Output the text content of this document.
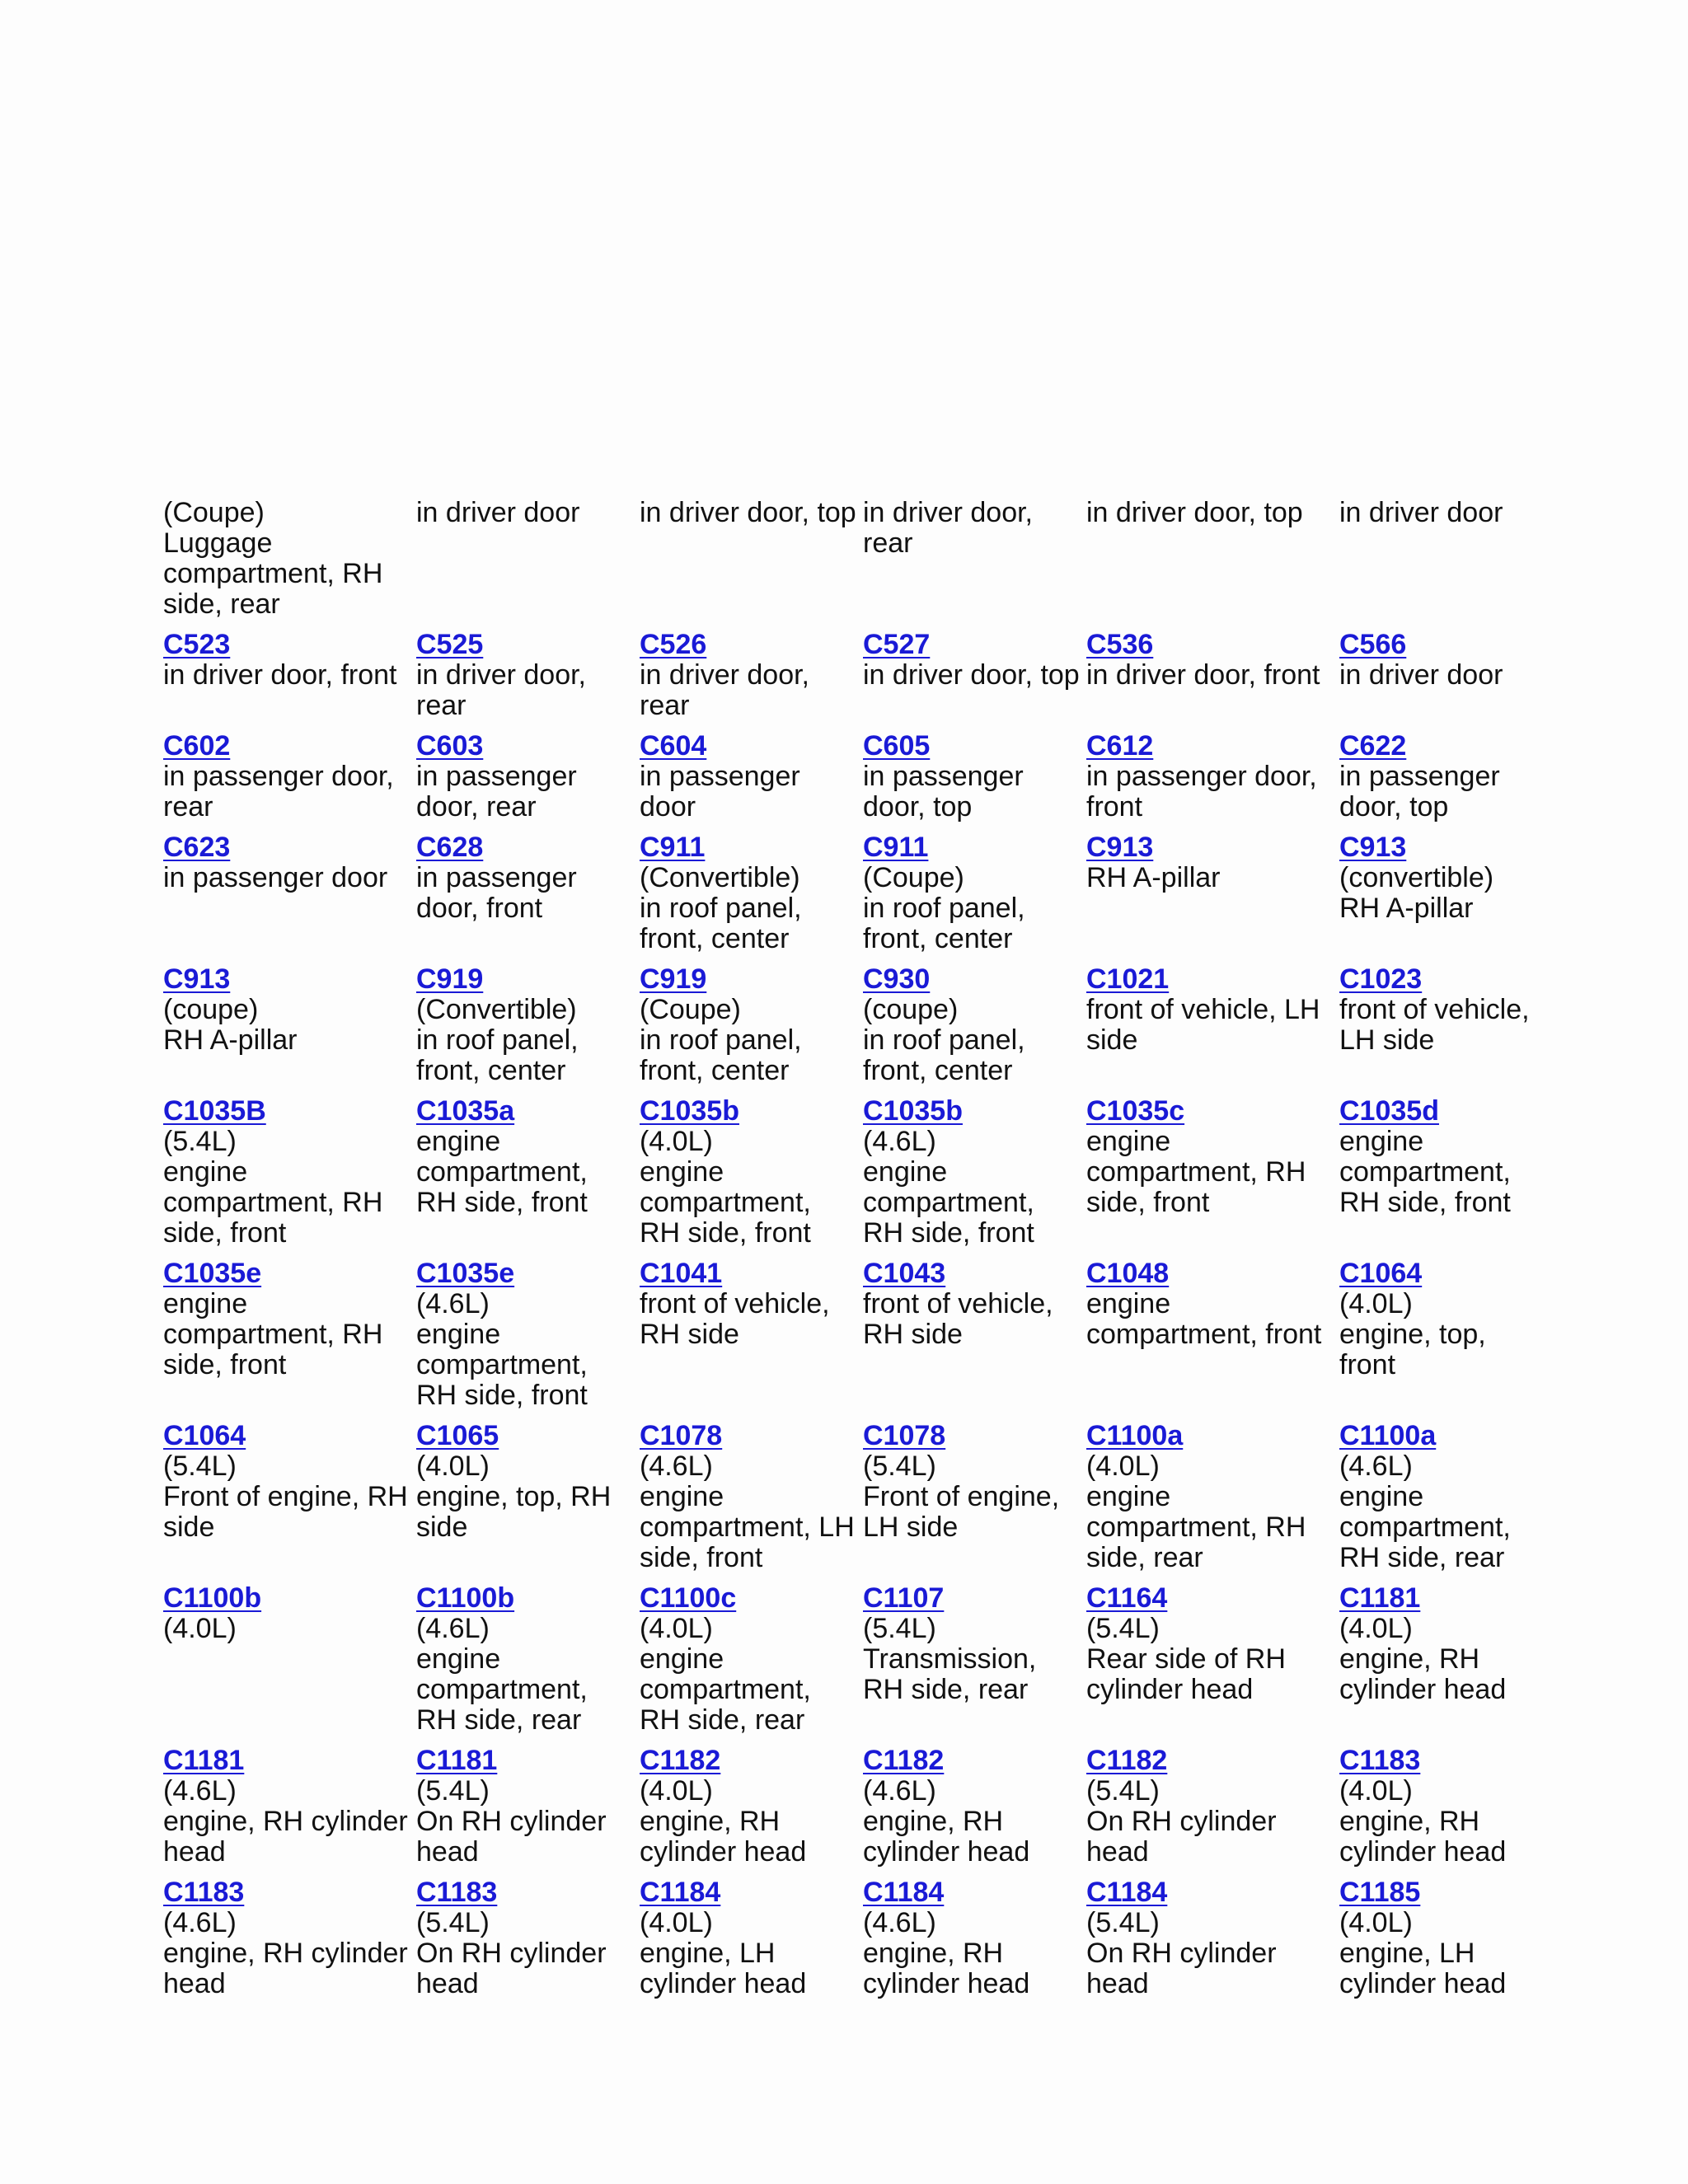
(Coupe)
Luggage
compartment, RH
side, rear
in driver door	in driver door, top in driver door,
rear
in driver door, top	in driver door
C523
in driver door, front
C525
in driver door,
rear
C526
in driver door,
rear
C527
in driver door, top
C536
in driver door, front
C566
in driver door
C602
in passenger door,
rear
C603
in passenger
door, rear
C604
in passenger
door
C605
in passenger
door, top
C612
in passenger door,
front
C622
in passenger
door, top
C623
in passenger door
C628
in passenger
door, front
C911
(Convertible)
in roof panel,
front, center
C911
(Coupe)
in roof panel,
front, center
C913
RH A-pillar
C913
(convertible)
RH A-pillar
C913
(coupe)
RH A-pillar
C919
(Convertible)
in roof panel,
front, center
C919
(Coupe)
in roof panel,
front, center
C930
(coupe)
in roof panel,
front, center
C1021
front of vehicle, LH
side
C1023
front of vehicle,
LH side
C1035B
(5.4L)
engine
compartment, RH
side, front
C1035a
engine
compartment,
RH side, front
C1035b
(4.0L)
engine
compartment,
RH side, front
C1035b
(4.6L)
engine
compartment,
RH side, front
C1035c
engine
compartment, RH
side, front
C1035d
engine
compartment,
RH side, front
C1035e
engine
compartment, RH
side, front
C1035e
(4.6L)
engine
compartment,
RH side, front
C1041
front of vehicle,
RH side
C1043
front of vehicle,
RH side
C1048
engine
compartment, front
C1064
(4.0L)
engine, top,
front
C1064
(5.4L)
Front of engine, RH
side
C1065
(4.0L)
engine, top, RH
side
C1078
(4.6L)
engine
compartment, LH
side, front
C1078
(5.4L)
Front of engine,
LH side
C1100a
(4.0L)
engine
compartment, RH
side, rear
C1100a
(4.6L)
engine
compartment,
RH side, rear
C1100b
(4.0L)
C1100b
(4.6L)
engine
compartment,
RH side, rear
C1100c
(4.0L)
engine
compartment,
RH side, rear
C1107
(5.4L)
Transmission,
RH side, rear
C1164
(5.4L)
Rear side of RH
cylinder head
C1181
(4.0L)
engine, RH
cylinder head
C1181
(4.6L)
engine, RH cylinder
head
C1181
(5.4L)
On RH cylinder
head
C1182
(4.0L)
engine, RH
cylinder head
C1182
(4.6L)
engine, RH
cylinder head
C1182
(5.4L)
On RH cylinder
head
C1183
(4.0L)
engine, RH
cylinder head
C1183
(4.6L)
engine, RH cylinder
head
C1183
(5.4L)
On RH cylinder
head
C1184
(4.0L)
engine, LH
cylinder head
C1184
(4.6L)
engine, RH
cylinder head
C1184
(5.4L)
On RH cylinder
head
C1185
(4.0L)
engine, LH
cylinder head
